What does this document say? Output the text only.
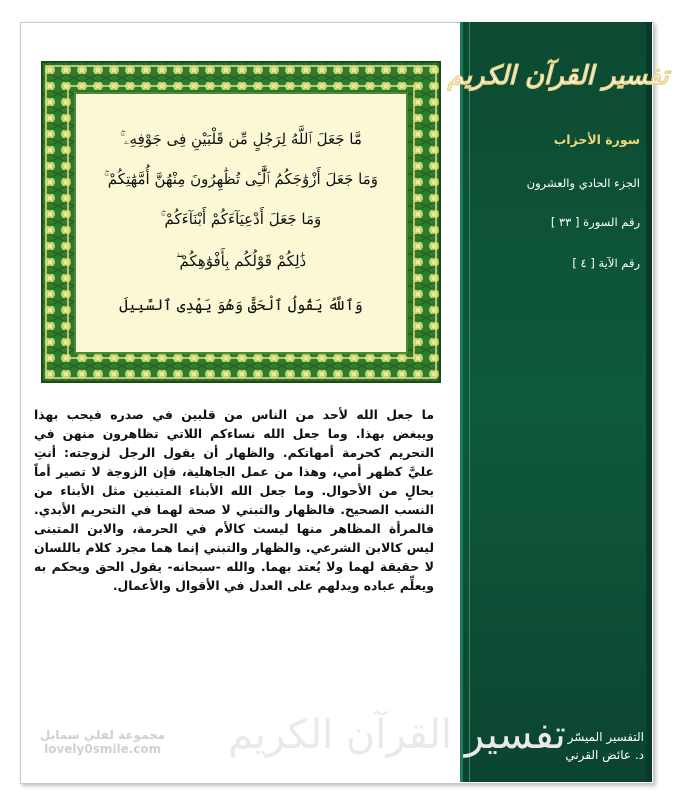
تفسير القرآن الكريم
سورة الأحزاب
الجزء الحادي والعشرون
رقم السورة [ ٣٣ ]
رقم الآية [ ٤ ]
التفسير الميسّر
د. عائض القرني
مَّا جَعَلَ ٱللَّهُ لِرَجُلٍ مِّن قَلْبَيْنِ فِى جَوْفِهِۦ ۚ
وَمَا جَعَلَ أَزْوَٰجَكُمُ ٱلَّٰٓـِٔى تُظَٰهِرُونَ مِنْهُنَّ أُمَّهَٰتِكُمْ ۚ
وَمَا جَعَلَ أَدْعِيَآءَكُمْ أَبْنَآءَكُمْ ۚ
ذَٰلِكُمْ قَوْلُكُم بِأَفْوَٰهِكُمْ ۖ
وَٱللَّهُ يَقُولُ ٱلْحَقَّ وَهُوَ يَهْدِى ٱلسَّبِيلَ
تفسير القرآن الكريم
مجموعة لفلي سمايل
lovely0smile.com

ما جعل الله لأحد من الناس من قلبين في صدره فيحب بهذا ويبغض بهذا. وما جعل الله نساءكم اللاتي تظاهرون منهن في التحريم كحرمة أمهاتكم. والظهار أن يقول الرجل لزوجته: أنتِ عليَّ كظهر أمي، وهذا من عمل الجاهلية، فإن الزوجة لا تصير أماً بحالٍ من الأحوال. وما جعل الله الأبناء المتبنين مثل الأبناء من النسب الصحيح. فالظهار والتبني لا صحة لهما في التحريم الأبدي. فالمرأة المظاهر منها ليست كالأم في الحرمة، والابن المتبنى ليس كالابن الشرعي. والظهار والتبني إنما هما مجرد كلام باللسان لا حقيقة لهما ولا يُعتد بهما. والله -سبحانه- يقول الحق ويحكم به ويعلِّم عباده ويدلهم على العدل في الأقوال والأعمال.
